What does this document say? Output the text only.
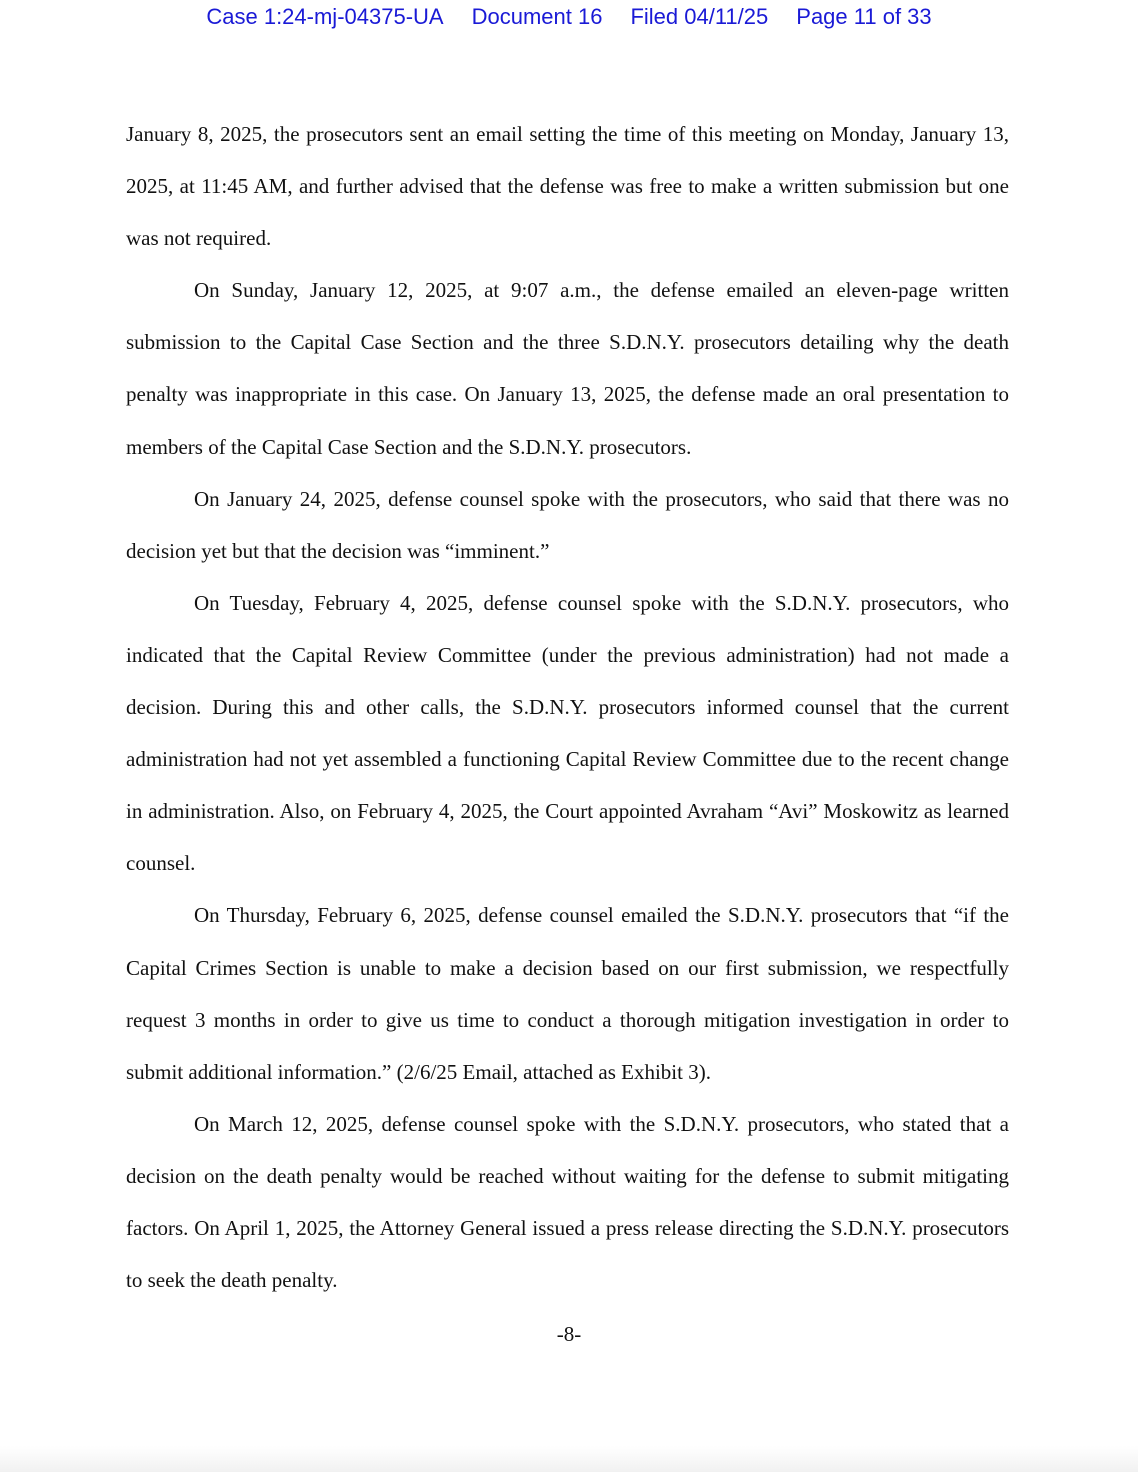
Case 1:24-mj-04375-UA Document 16 Filed 04/11/25 Page 11 of 33

January 8, 2025, the prosecutors sent an email setting the time of this meeting on Monday, January 13, 2025, at 11:45 AM, and further advised that the defense was free to make a written submission but one was not required.

On Sunday, January 12, 2025, at 9:07 a.m., the defense emailed an eleven-page written submission to the Capital Case Section and the three S.D.N.Y. prosecutors detailing why the death penalty was inappropriate in this case. On January 13, 2025, the defense made an oral presentation to members of the Capital Case Section and the S.D.N.Y. prosecutors.

On January 24, 2025, defense counsel spoke with the prosecutors, who said that there was no decision yet but that the decision was “imminent.”

On Tuesday, February 4, 2025, defense counsel spoke with the S.D.N.Y. prosecutors, who indicated that the Capital Review Committee (under the previous administration) had not made a decision. During this and other calls, the S.D.N.Y. prosecutors informed counsel that the current administration had not yet assembled a functioning Capital Review Committee due to the recent change in administration. Also, on February 4, 2025, the Court appointed Avraham “Avi” Moskowitz as learned counsel.

On Thursday, February 6, 2025, defense counsel emailed the S.D.N.Y. prosecutors that “if the Capital Crimes Section is unable to make a decision based on our first submission, we respectfully request 3 months in order to give us time to conduct a thorough mitigation investigation in order to submit additional information.” (2/6/25 Email, attached as Exhibit 3).

On March 12, 2025, defense counsel spoke with the S.D.N.Y. prosecutors, who stated that a decision on the death penalty would be reached without waiting for the defense to submit mitigating factors. On April 1, 2025, the Attorney General issued a press release directing the S.D.N.Y. prosecutors to seek the death penalty.

-8-
